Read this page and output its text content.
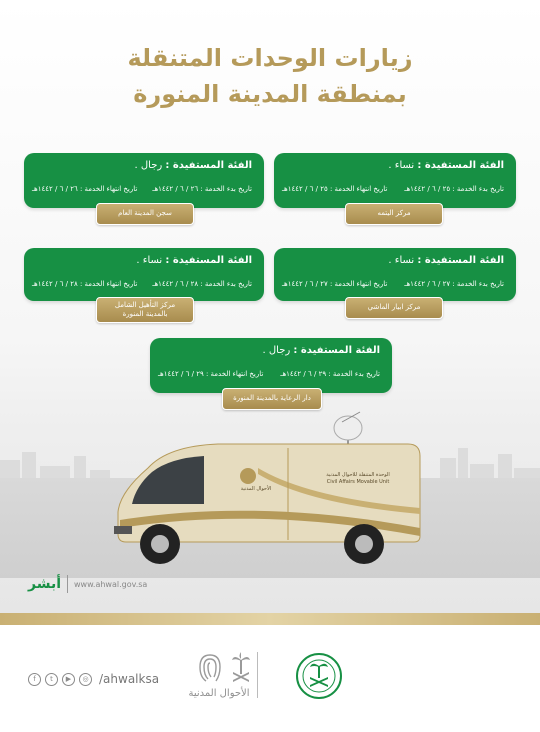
زيارات الوحدات المتنقلة
بمنطقة المدينة المنورة
الفئة المستفيدة : نساء .
تاريخ بدء الخدمة : ٢٥ / ٦ / ١٤٤٢هـ
تاريخ انتهاء الخدمة : ٢٥ / ٦ / ١٤٤٢هـ
مركز اليتمه
الفئة المستفيدة : رجال .
تاريخ بدء الخدمة : ٢٦ / ٦ / ١٤٤٢هـ
تاريخ انتهاء الخدمة : ٢٦ / ٦ / ١٤٤٢هـ
سجن المدينة العام
الفئة المستفيدة : نساء .
تاريخ بدء الخدمة : ٢٧ / ٦ / ١٤٤٢هـ
تاريخ انتهاء الخدمة : ٢٧ / ٦ / ١٤٤٢هـ
مركز ابيار الماشي
الفئة المستفيدة : نساء .
تاريخ بدء الخدمة : ٢٨ / ٦ / ١٤٤٢هـ
تاريخ انتهاء الخدمة : ٢٨ / ٦ / ١٤٤٢هـ
مركز التأهيل الشامل
بالمدينة المنورة
الفئة المستفيدة : رجال .
تاريخ بدء الخدمة : ٢٩ / ٦ / ١٤٤٢هـ
تاريخ انتهاء الخدمة : ٢٩ / ٦ / ١٤٤٢هـ
دار الرعاية بالمدينة المنورة
الوحدة المتنقلة للاحوال المدنية
Civil Affairs Movable Unit
الأحوال المدنية
أبشر www.ahwal.gov.sa
f	t	▶	◎ /ahwalksa
الأحوال المدنية
